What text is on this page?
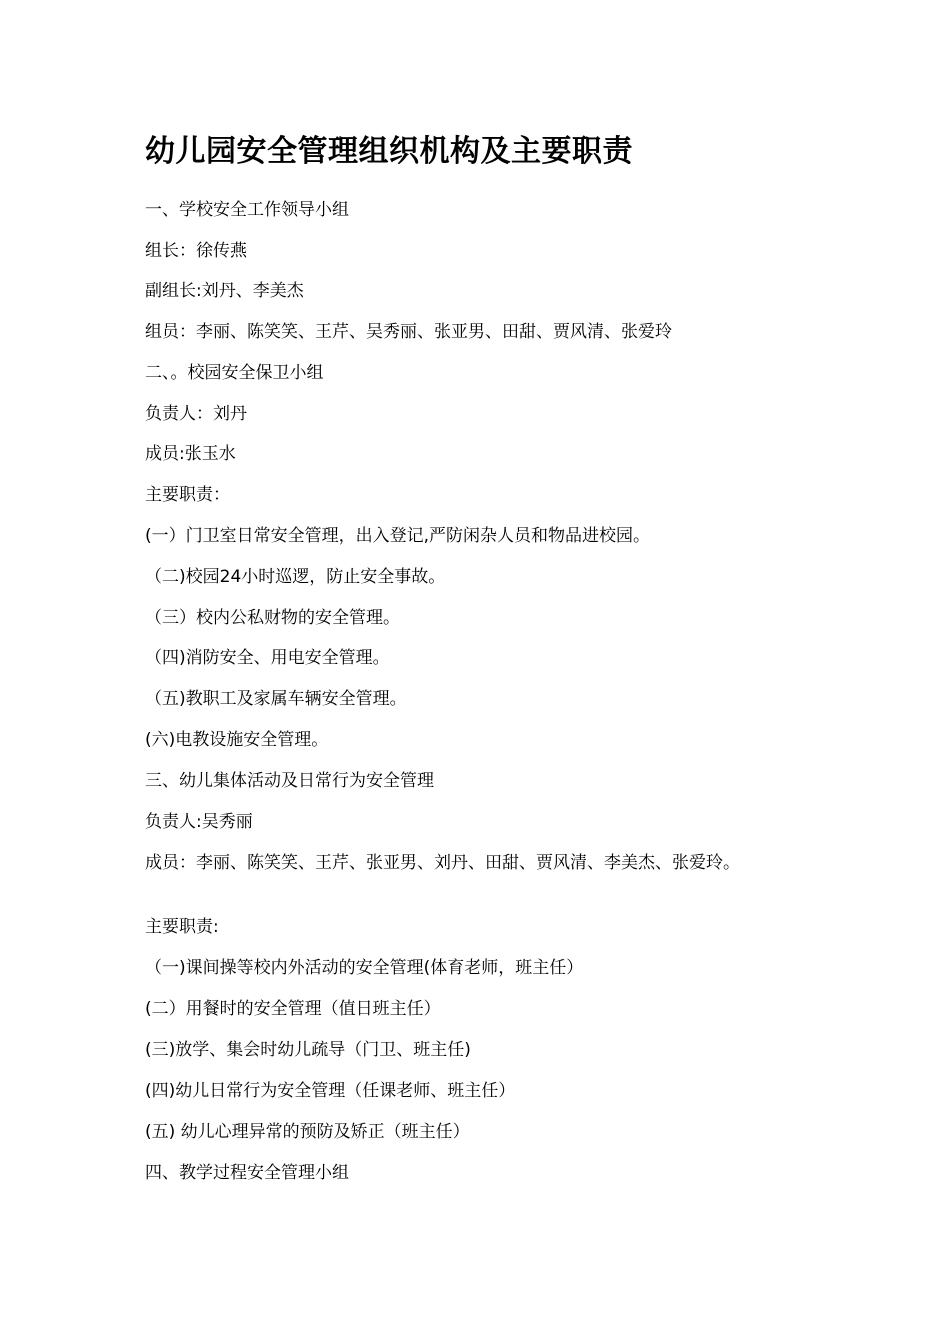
幼儿园安全管理组织机构及主要职责
一、学校安全工作领导小组
组长：徐传燕
副组长:刘丹、李美杰
组员：李丽、陈笑笑、王芹、吴秀丽、张亚男、田甜、贾风清、张爱玲
二、。校园安全保卫小组
负责人：刘丹
成员:张玉水
主要职责：
(一）门卫室日常安全管理，出入登记,严防闲杂人员和物品进校园。
（二)校园24小时巡逻，防止安全事故。
（三）校内公私财物的安全管理。
（四)消防安全、用电安全管理。
（五)教职工及家属车辆安全管理。
(六)电教设施安全管理。
三、幼儿集体活动及日常行为安全管理
负责人:吴秀丽
成员：李丽、陈笑笑、王芹、张亚男、刘丹、田甜、贾风清、李美杰、张爱玲。
主要职责:
（一)课间操等校内外活动的安全管理(体育老师，班主任）
(二）用餐时的安全管理（值日班主任）
(三)放学、集会时幼儿疏导（门卫、班主任)
(四)幼儿日常行为安全管理（任课老师、班主任）
(五) 幼儿心理异常的预防及矫正（班主任）
四、教学过程安全管理小组
